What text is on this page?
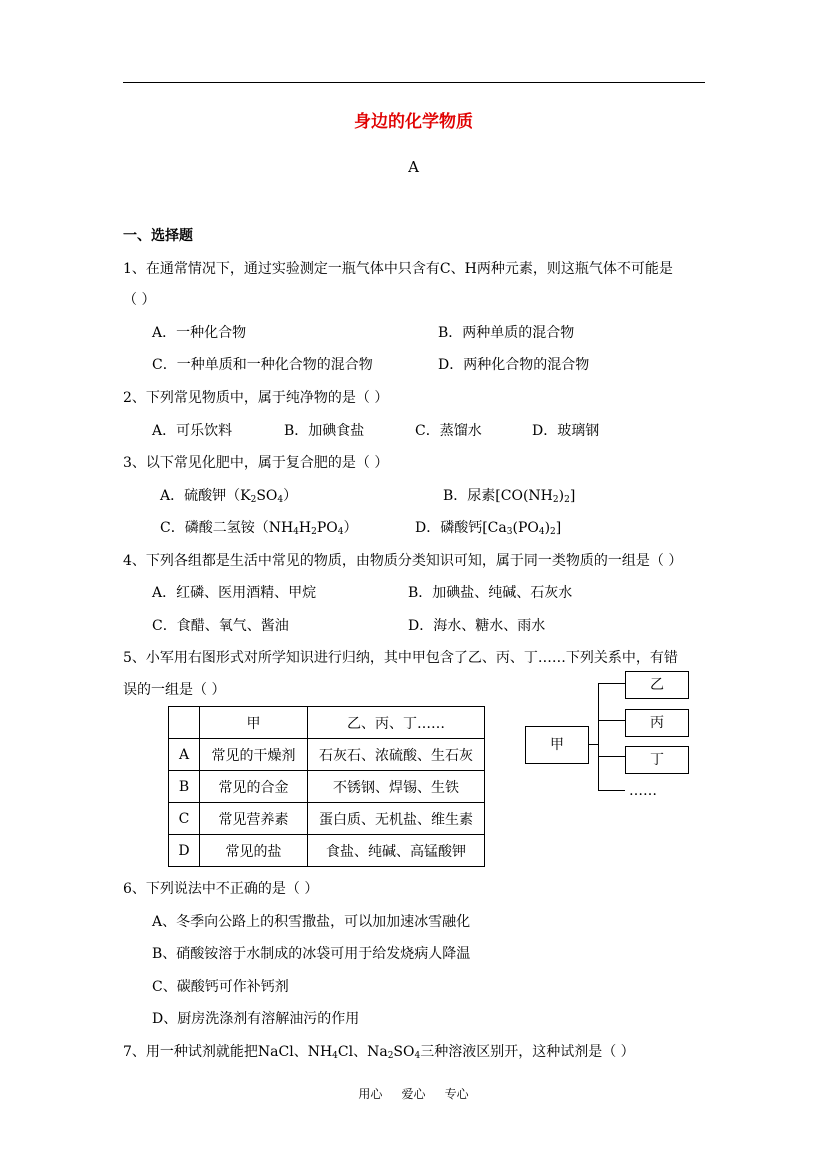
身边的化学物质
A
一、选择题
1、在通常情况下，通过实验测定一瓶气体中只含有C、H两种元素，则这瓶气体不可能是
（ ）
A．一种化合物	B．两种单质的混合物
C．一种单质和一种化合物的混合物	D．两种化合物的混合物
2、下列常见物质中，属于纯净物的是（ ）
A．可乐饮料	B．加碘食盐	C．蒸馏水	D．玻璃钢
3、以下常见化肥中，属于复合肥的是（ ）
A．硫酸钾$(K_2SO_4)$	B．尿素$[CO(NH_2)_2]$
C．磷酸二氢铵$(NH_4H_2PO_4)$	D．磷酸钙$[Ca_3(PO_4)_2]$
4、下列各组都是生活中常见的物质，由物质分类知识可知，属于同一类物质的一组是（ ）
A．红磷、医用酒精、甲烷	B．加碘盐、纯碱、石灰水
C．食醋、氧气、酱油	D．海水、糖水、雨水
5、小军用右图形式对所学知识进行归纳，其中甲包含了乙、丙、丁……下列关系中，有错
误的一组是（ ）
	甲	乙、丙、丁……
A	常见的干燥剂	石灰石、浓硫酸、生石灰
B	常见的合金	不锈钢、焊锡、生铁
C	常见营养素	蛋白质、无机盐、维生素
D	常见的盐	食盐、纯碱、高锰酸钾
甲
乙
丙
丁
……
6、下列说法中不正确的是（ ）
A、冬季向公路上的积雪撒盐，可以加加速冰雪融化
B、硝酸铵溶于水制成的冰袋可用于给发烧病人降温
C、碳酸钙可作补钙剂
D、厨房洗涤剂有溶解油污的作用
7、用一种试剂就能把NaCl、$NH_4Cl$、$Na_2SO_4$三种溶液区别开，这种试剂是（ ）
用心     爱心     专心
